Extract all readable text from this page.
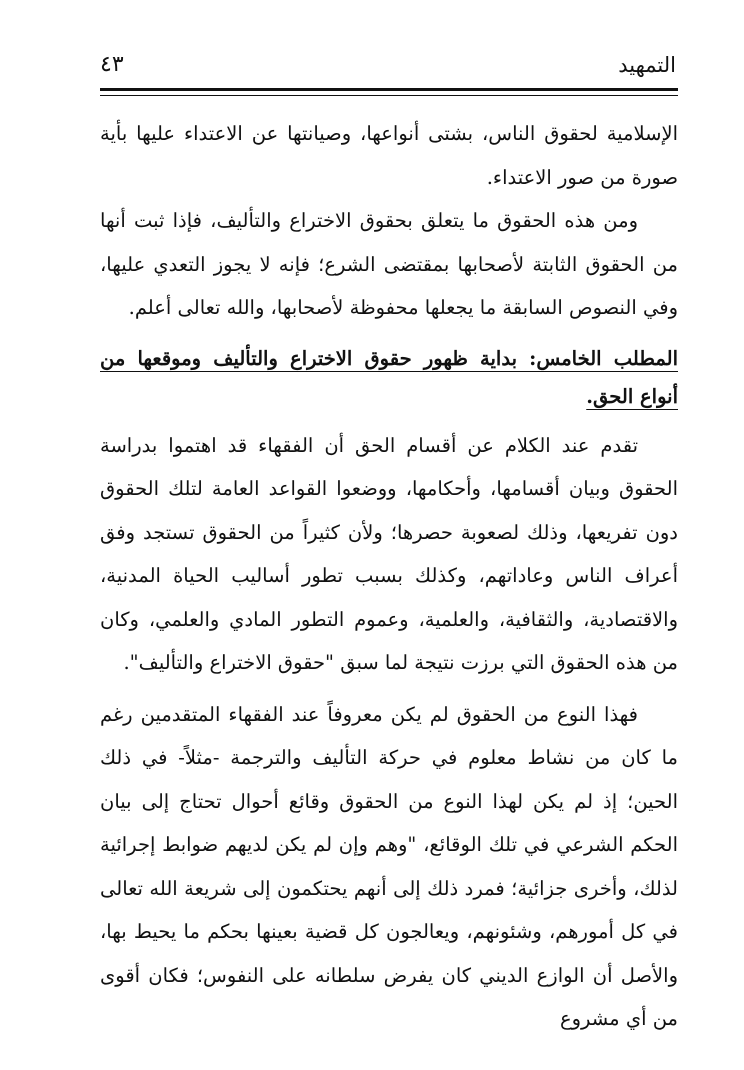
التمهيد
٤٣

الإسلامية لحقوق الناس، بشتى أنواعها، وصيانتها عن الاعتداء عليها بأية صورة من صور الاعتداء.

ومن هذه الحقوق ما يتعلق بحقوق الاختراع والتأليف، فإذا ثبت أنها من الحقوق الثابتة لأصحابها بمقتضى الشرع؛ فإنه لا يجوز التعدي عليها، وفي النصوص السابقة ما يجعلها محفوظة لأصحابها، والله تعالى أعلم.

المطلب الخامس: بداية ظهور حقوق الاختراع والتأليف وموقعها من أنواع الحق.

تقدم عند الكلام عن أقسام الحق أن الفقهاء قد اهتموا بدراسة الحقوق وبيان أقسامها، وأحكامها، ووضعوا القواعد العامة لتلك الحقوق دون تفريعها، وذلك لصعوبة حصرها؛ ولأن كثيراً من الحقوق تستجد وفق أعراف الناس وعاداتهم، وكذلك بسبب تطور أساليب الحياة المدنية، والاقتصادية، والثقافية، والعلمية، وعموم التطور المادي والعلمي، وكان من هذه الحقوق التي برزت نتيجة لما سبق "حقوق الاختراع والتأليف".

فهذا النوع من الحقوق لم يكن معروفاً عند الفقهاء المتقدمين رغم ما كان من نشاط معلوم في حركة التأليف والترجمة -مثلاً- في ذلك الحين؛ إذ لم يكن لهذا النوع من الحقوق وقائع أحوال تحتاج إلى بيان الحكم الشرعي في تلك الوقائع، "وهم وإن لم يكن لديهم ضوابط إجرائية لذلك، وأخرى جزائية؛ فمرد ذلك إلى أنهم يحتكمون إلى شريعة الله تعالى في كل أمورهم، وشئونهم، ويعالجون كل قضية بعينها بحكم ما يحيط بها، والأصل أن الوازع الديني كان يفرض سلطانه على النفوس؛ فكان أقوى من أي مشروع
